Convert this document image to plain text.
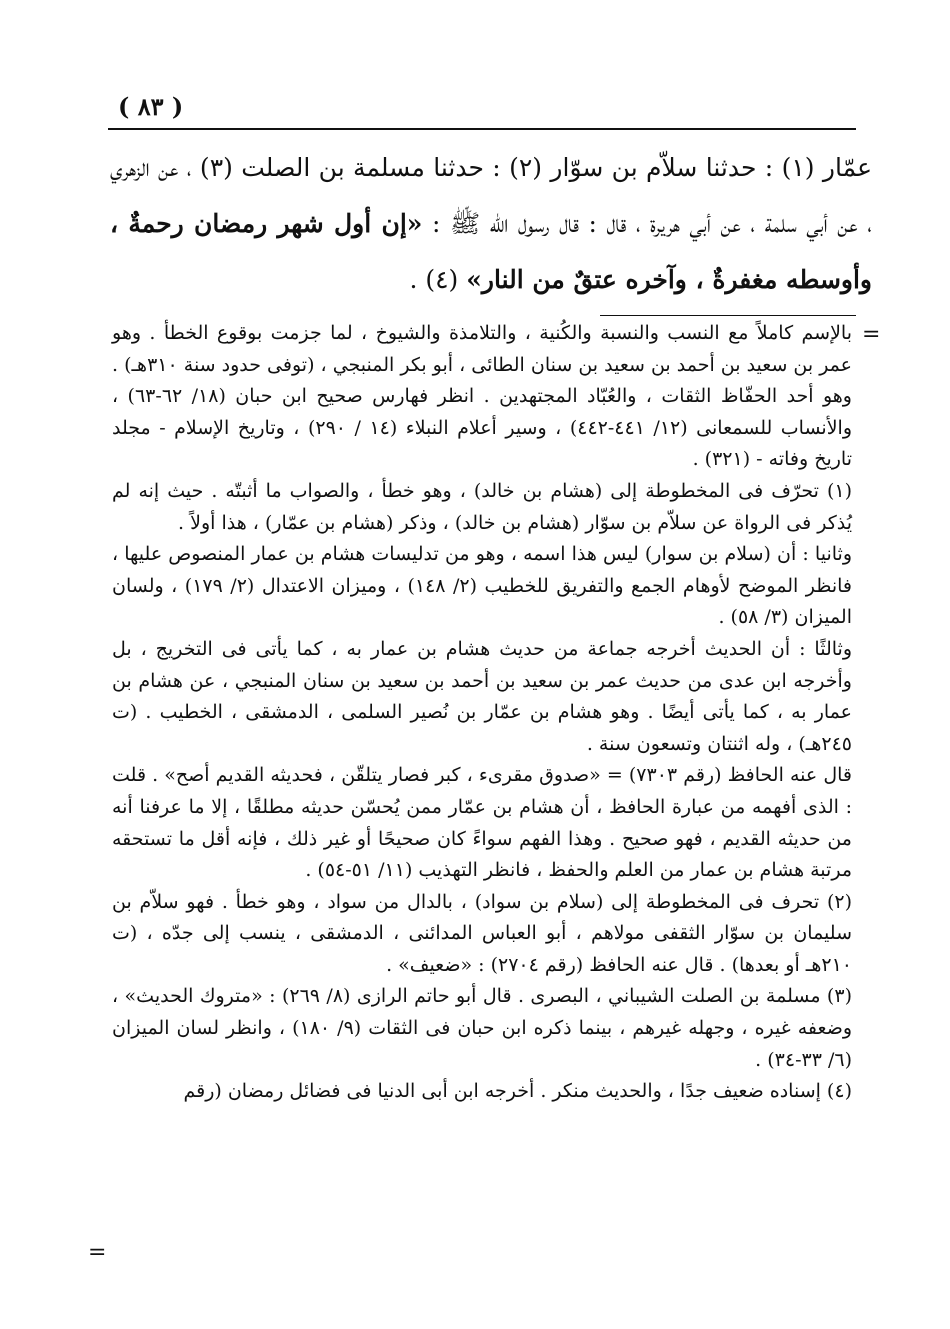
( ٨٣ )

عمّار (١) : حدثنا سلاّم بن سوّار (٢) : حدثنا مسلمة بن الصلت (٣) ، عن الزهري ، عن أبي سلمة ، عن أبي هريرة ، قال : قال رسول الله ﷺ : «إن أول شهر رمضان رحمةٌ ، وأوسطه مغفرةٌ ، وآخره عتقٌ من النار» (٤) .

=

بالإسم كاملاً مع النسب والنسبة والكُنية ، والتلامذة والشيوخ ، لما جزمت بوقوع الخطأ . وهو عمر بن سعيد بن أحمد بن سعيد بن سنان الطائى ، أبو بكر المنبجي ، (توفى حدود سنة ٣١٠هـ) . وهو أحد الحفّاظ الثقات ، والعُبّاد المجتهدين . انظر فهارس صحيح ابن حبان (١٨/ ٦٢-٦٣) ، والأنساب للسمعانى (١٢/ ٤٤١-٤٤٢) ، وسير أعلام النبلاء (١٤ / ٢٩٠) ، وتاريخ الإسلام - مجلد تاريخ وفاته - (٣٢١) .

(١) تحرّف فى المخطوطة إلى (هشام بن خالد) ، وهو خطأ ، والصواب ما أثبتّه . حيث إنه لم يُذكر فى الرواة عن سلاّم بن سوّار (هشام بن خالد) ، وذكر (هشام بن عمّار) ، هذا أولاً .

وثانيا : أن (سلام بن سوار) ليس هذا اسمه ، وهو من تدليسات هشام بن عمار المنصوص عليها ، فانظر الموضح لأوهام الجمع والتفريق للخطيب (٢/ ١٤٨) ، وميزان الاعتدال (٢/ ١٧٩) ، ولسان الميزان (٣/ ٥٨) .

وثالثًا : أن الحديث أخرجه جماعة من حديث هشام بن عمار به ، كما يأتى فى التخريج ، بل وأخرجه ابن عدى من حديث عمر بن سعيد بن أحمد بن سعيد بن سنان المنبجي ، عن هشام بن عمار به ، كما يأتى أيضًا . وهو هشام بن عمّار بن نُصير السلمى ، الدمشقى ، الخطيب . (ت ٢٤٥هـ) ، وله اثنتان وتسعون سنة .

قال عنه الحافظ (رقم ٧٣٠٣) = «صدوق مقرىء ، كبر فصار يتلقّن ، فحديثه القديم أصح» . قلت : الذى أفهمه من عبارة الحافظ ، أن هشام بن عمّار ممن يُحسّن حديثه مطلقًا ، إلا ما عرفنا أنه من حديثه القديم ، فهو صحيح . وهذا الفهم سواءً كان صحيحًا أو غير ذلك ، فإنه أقل ما تستحقه مرتبة هشام بن عمار من العلم والحفظ ، فانظر التهذيب (١١/ ٥١-٥٤) .

(٢) تحرف فى المخطوطة إلى (سلام بن سواد) ، بالدال من سواد ، وهو خطأ . فهو سلاّم بن سليمان بن سوّار الثقفى مولاهم ، أبو العباس المدائنى ، الدمشقى ، ينسب إلى جدّه ، (ت ٢١٠هـ أو بعدها) . قال عنه الحافظ (رقم ٢٧٠٤) : «ضعيف» .

(٣) مسلمة بن الصلت الشيباني ، البصرى . قال أبو حاتم الرازى (٨/ ٢٦٩) : «متروك الحديث» ، وضعفه غيره ، وجهله غيرهم ، بينما ذكره ابن حبان فى الثقات (٩/ ١٨٠) ، وانظر لسان الميزان (٦/ ٣٣-٣٤) .

(٤) إسناده ضعيف جدًا ، والحديث منكر . أخرجه ابن أبى الدنيا فى فضائل رمضان (رقم

=
